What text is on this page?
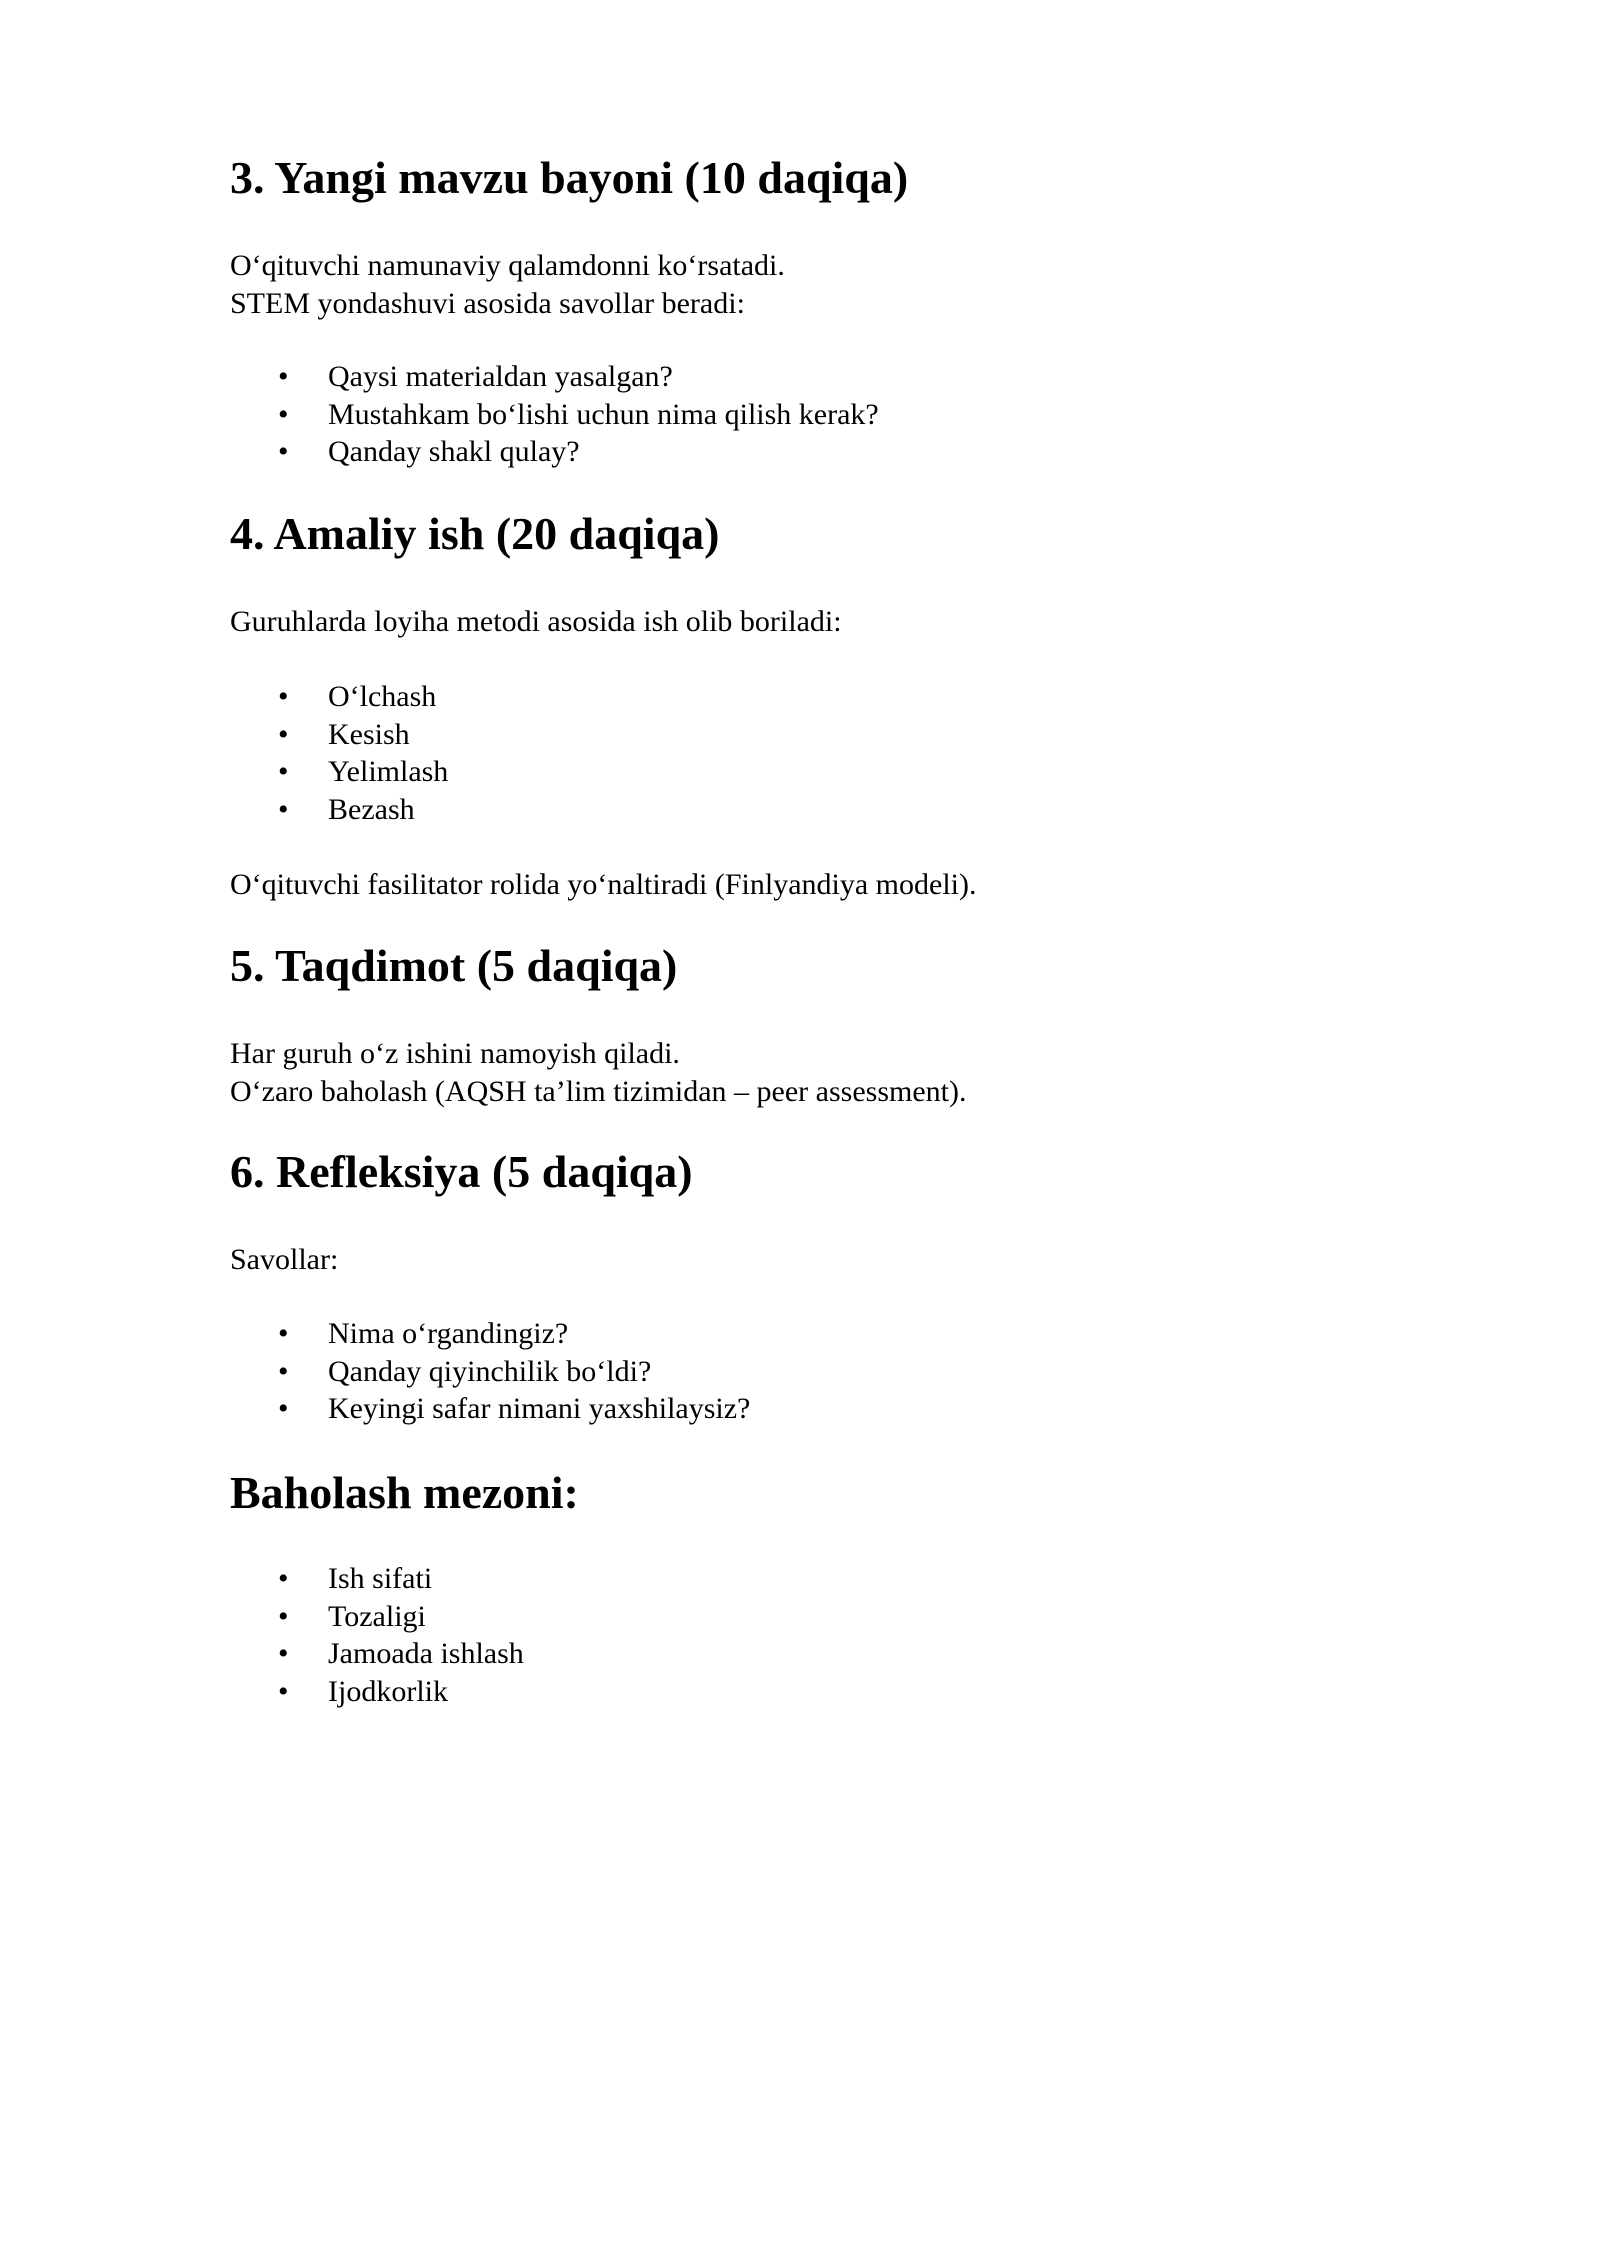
3. Yangi mavzu bayoni (10 daqiqa)

O‘qituvchi namunaviy qalamdonni ko‘rsatadi.

STEM yondashuvi asosida savollar beradi:

• Qaysi materialdan yasalgan?
• Mustahkam bo‘lishi uchun nima qilish kerak?
• Qanday shakl qulay?
4. Amaliy ish (20 daqiqa)

Guruhlarda loyiha metodi asosida ish olib boriladi:

• O‘lchash
• Kesish
• Yelimlash
• Bezash

O‘qituvchi fasilitator rolida yo‘naltiradi (Finlyandiya modeli).

5. Taqdimot (5 daqiqa)

Har guruh o‘z ishini namoyish qiladi.

O‘zaro baholash (AQSH ta’lim tizimidan – peer assessment).

6. Refleksiya (5 daqiqa)

Savollar:

• Nima o‘rgandingiz?
• Qanday qiyinchilik bo‘ldi?
• Keyingi safar nimani yaxshilaysiz?
Baholash mezoni:
• Ish sifati
• Tozaligi
• Jamoada ishlash
• Ijodkorlik
